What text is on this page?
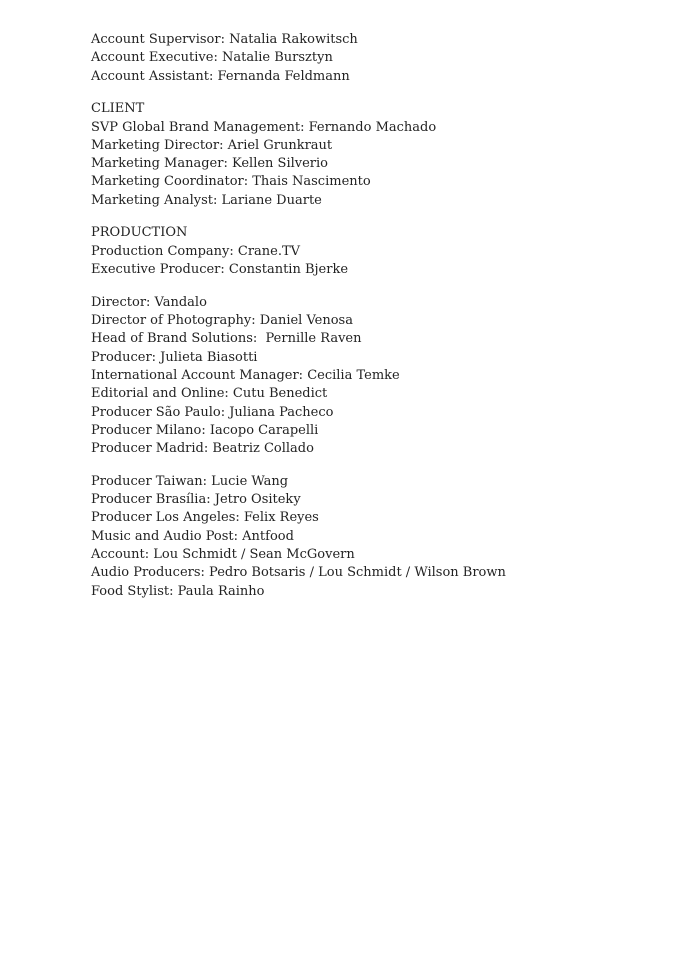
Account Supervisor: Natalia Rakowitsch
Account Executive: Natalie Bursztyn
Account Assistant: Fernanda Feldmann
CLIENT
SVP Global Brand Management: Fernando Machado
Marketing Director: Ariel Grunkraut
Marketing Manager: Kellen Silverio
Marketing Coordinator: Thais Nascimento
Marketing Analyst: Lariane Duarte
PRODUCTION
Production Company: Crane.TV
Executive Producer: Constantin Bjerke
Director: Vandalo
Director of Photography: Daniel Venosa
Head of Brand Solutions:  Pernille Raven
Producer: Julieta Biasotti
International Account Manager: Cecilia Temke
Editorial and Online: Cutu Benedict
Producer São Paulo: Juliana Pacheco
Producer Milano: Iacopo Carapelli
Producer Madrid: Beatriz Collado
Producer Taiwan: Lucie Wang
Producer Brasília: Jetro Ositeky
Producer Los Angeles: Felix Reyes
Music and Audio Post: Antfood
Account: Lou Schmidt / Sean McGovern
Audio Producers: Pedro Botsaris / Lou Schmidt / Wilson Brown
Food Stylist: Paula Rainho
